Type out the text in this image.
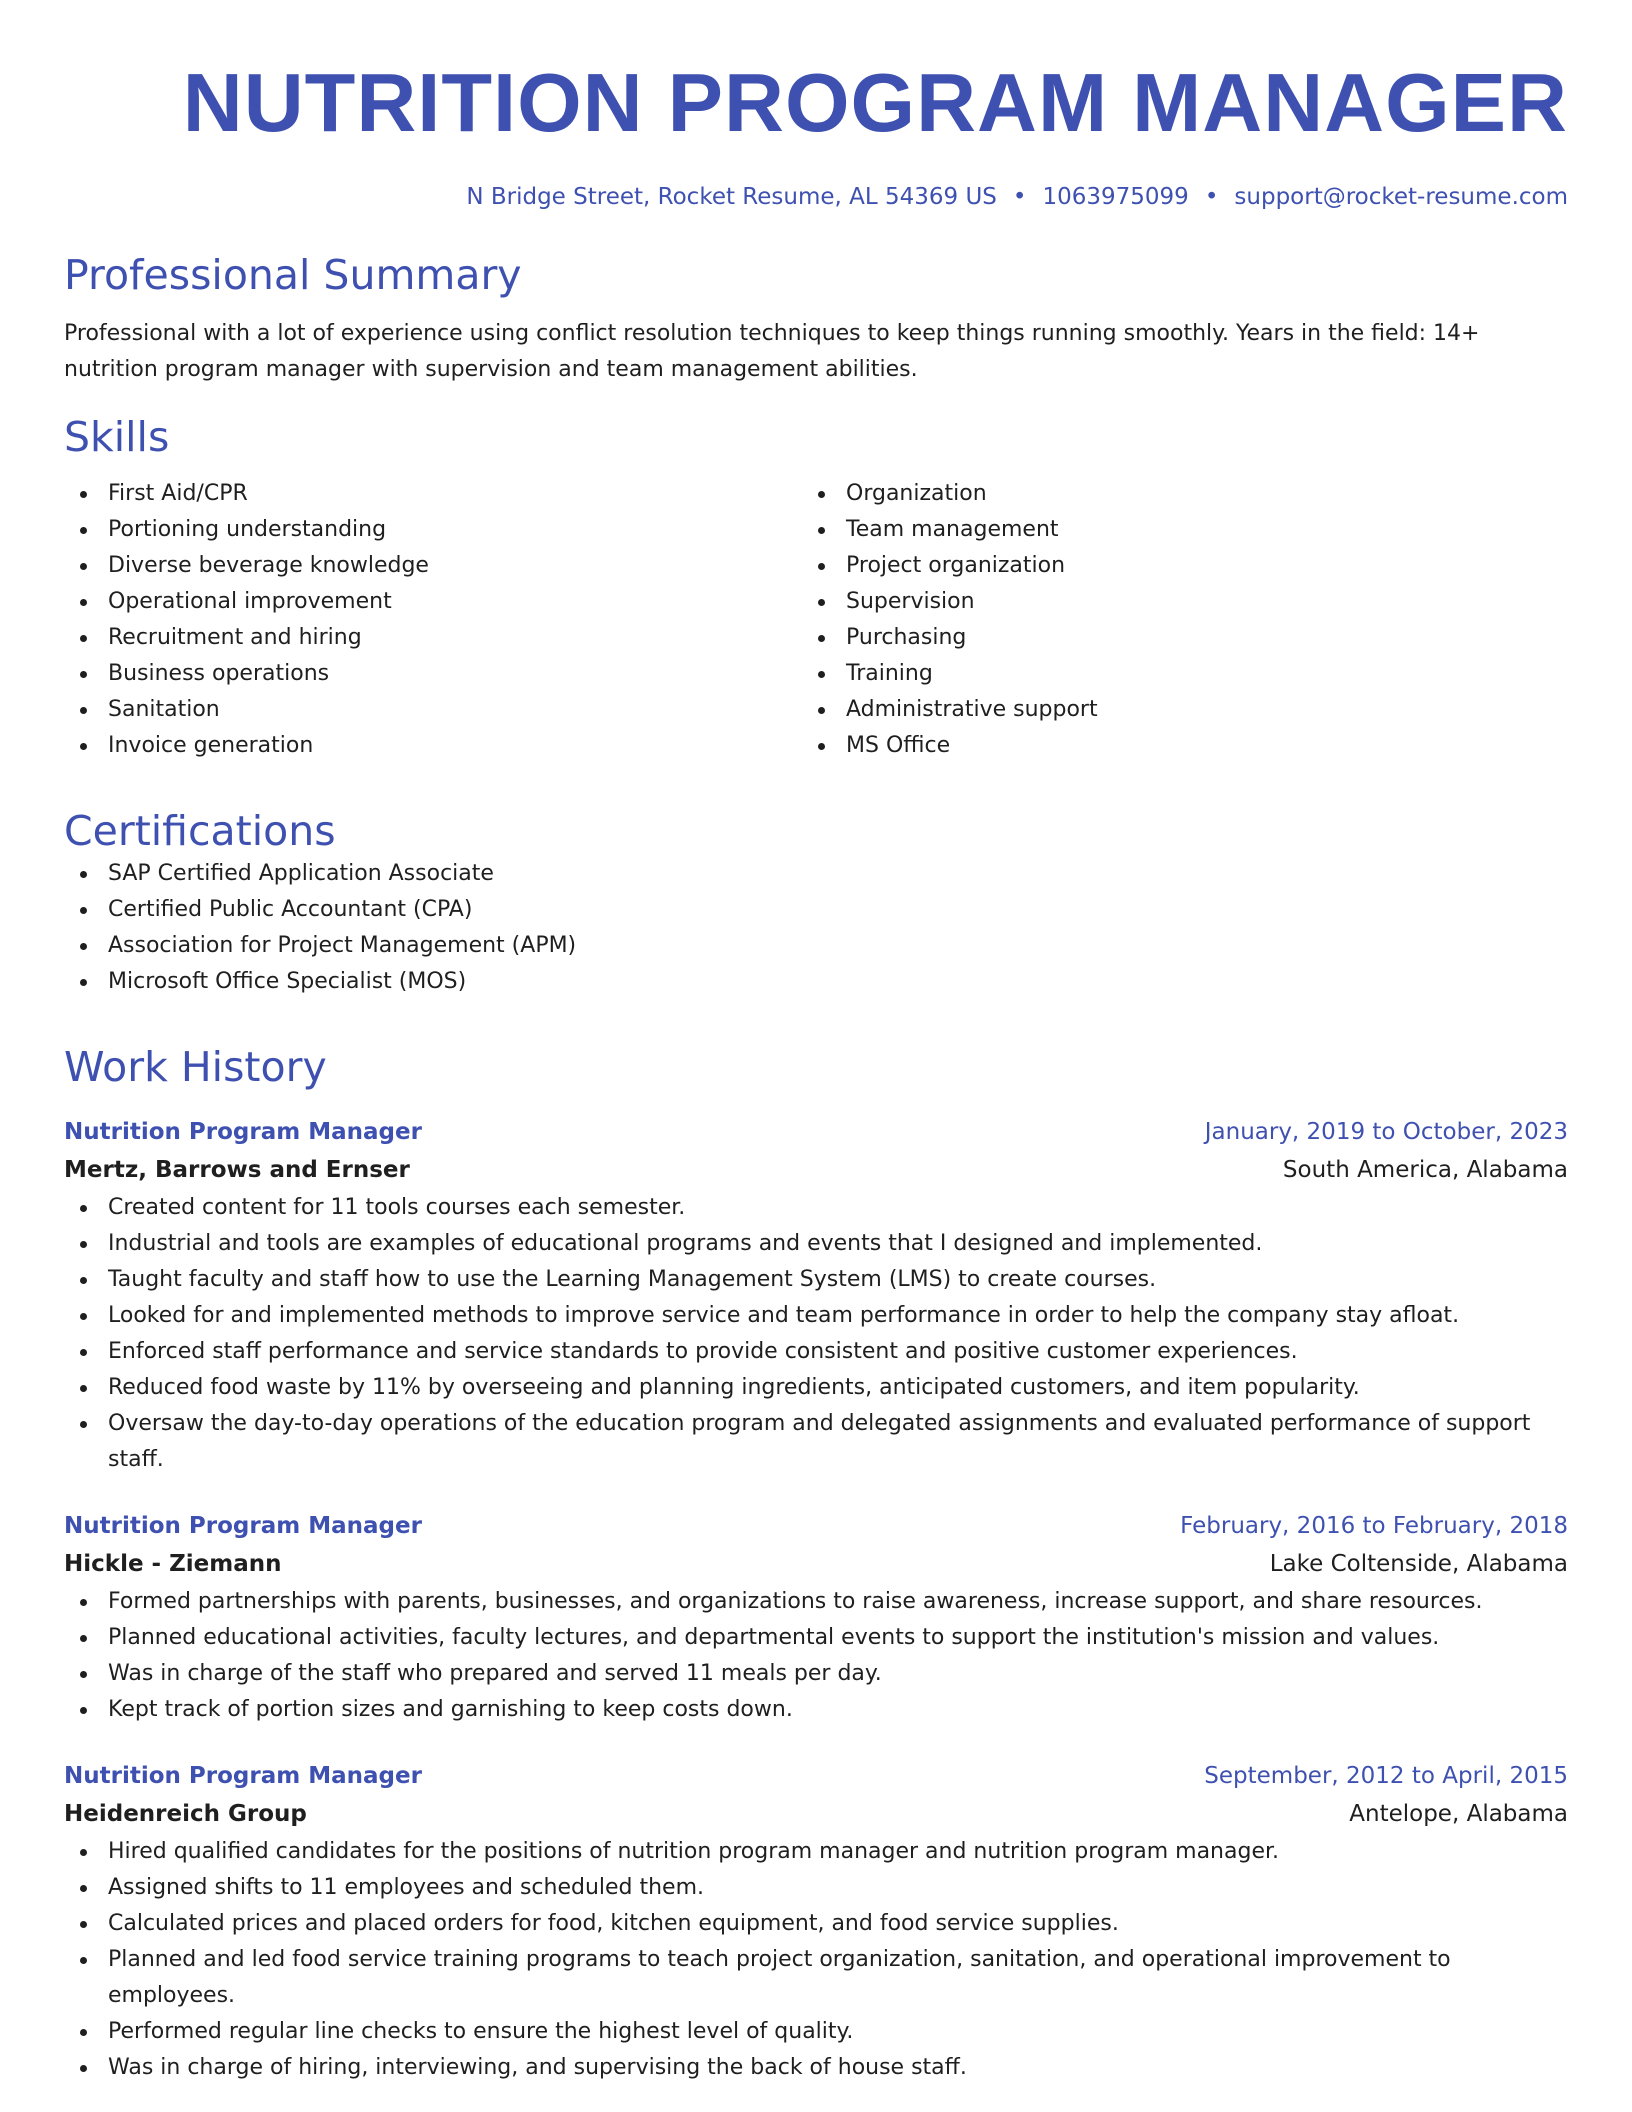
NUTRITION PROGRAM MANAGER
N Bridge Street, Rocket Resume, AL 54369 US • 1063975099 • support@rocket-resume.com
Professional Summary
Professional with a lot of experience using conflict resolution techniques to keep things running smoothly. Years in the field: 14+ nutrition program manager with supervision and team management abilities.
Skills
First Aid/CPR
Portioning understanding
Diverse beverage knowledge
Operational improvement
Recruitment and hiring
Business operations
Sanitation
Invoice generation
Organization
Team management
Project organization
Supervision
Purchasing
Training
Administrative support
MS Office
Certifications
SAP Certified Application Associate
Certified Public Accountant (CPA)
Association for Project Management (APM)
Microsoft Office Specialist (MOS)
Work History
Nutrition Program Manager	January, 2019 to October, 2023
Mertz, Barrows and Ernser	South America, Alabama
Created content for 11 tools courses each semester.
Industrial and tools are examples of educational programs and events that I designed and implemented.
Taught faculty and staff how to use the Learning Management System (LMS) to create courses.
Looked for and implemented methods to improve service and team performance in order to help the company stay afloat.
Enforced staff performance and service standards to provide consistent and positive customer experiences.
Reduced food waste by 11% by overseeing and planning ingredients, anticipated customers, and item popularity.
Oversaw the day-to-day operations of the education program and delegated assignments and evaluated performance of support staff.
Nutrition Program Manager	February, 2016 to February, 2018
Hickle - Ziemann	Lake Coltenside, Alabama
Formed partnerships with parents, businesses, and organizations to raise awareness, increase support, and share resources.
Planned educational activities, faculty lectures, and departmental events to support the institution's mission and values.
Was in charge of the staff who prepared and served 11 meals per day.
Kept track of portion sizes and garnishing to keep costs down.
Nutrition Program Manager	September, 2012 to April, 2015
Heidenreich Group	Antelope, Alabama
Hired qualified candidates for the positions of nutrition program manager and nutrition program manager.
Assigned shifts to 11 employees and scheduled them.
Calculated prices and placed orders for food, kitchen equipment, and food service supplies.
Planned and led food service training programs to teach project organization, sanitation, and operational improvement to employees.
Performed regular line checks to ensure the highest level of quality.
Was in charge of hiring, interviewing, and supervising the back of house staff.
